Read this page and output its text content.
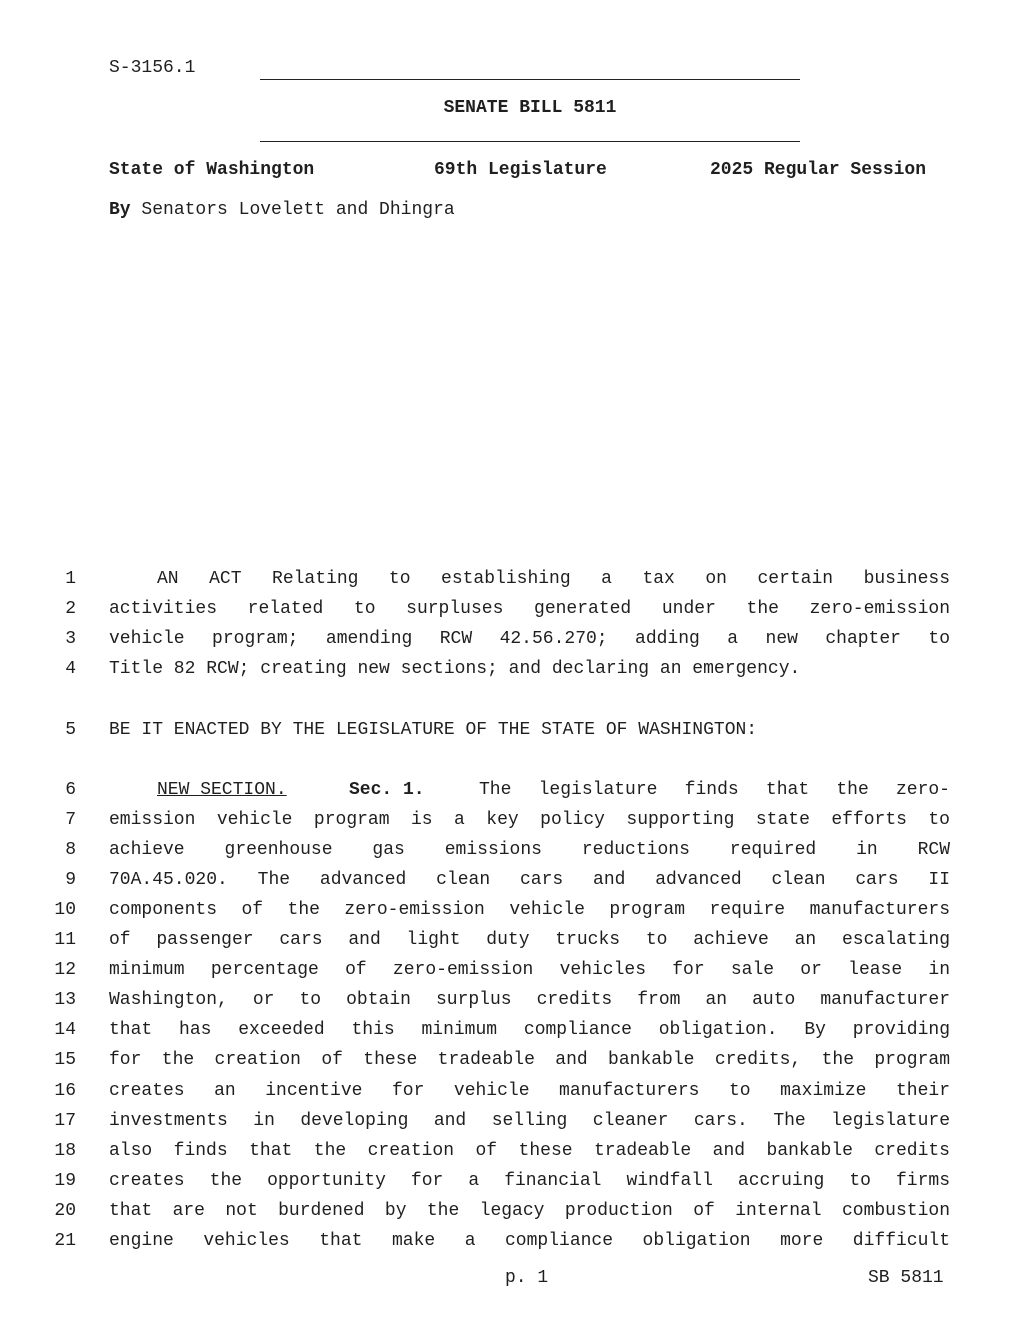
S-3156.1
SENATE BILL 5811
State of Washington	69th Legislature	2025 Regular Session
By Senators Lovelett and Dhingra
1	AN ACT Relating to establishing a tax on certain business
2 activities related to surpluses generated under the zero-emission
3 vehicle program; amending RCW 42.56.270; adding a new chapter to
4 Title 82 RCW; creating new sections; and declaring an emergency.
5 BE IT ENACTED BY THE LEGISLATURE OF THE STATE OF WASHINGTON:
6	NEW SECTION.	Sec. 1.	The legislature finds that the zero-
7 emission vehicle program is a key policy supporting state efforts to
8 achieve greenhouse gas emissions reductions required in RCW
9 70A.45.020. The advanced clean cars and advanced clean cars II
10 components of the zero-emission vehicle program require manufacturers
11 of passenger cars and light duty trucks to achieve an escalating
12 minimum percentage of zero-emission vehicles for sale or lease in
13 Washington, or to obtain surplus credits from an auto manufacturer
14 that has exceeded this minimum compliance obligation. By providing
15 for the creation of these tradeable and bankable credits, the program
16 creates an incentive for vehicle manufacturers to maximize their
17 investments in developing and selling cleaner cars. The legislature
18 also finds that the creation of these tradeable and bankable credits
19 creates the opportunity for a financial windfall accruing to firms
20 that are not burdened by the legacy production of internal combustion
21 engine vehicles that make a compliance obligation more difficult
p. 1	SB 5811
